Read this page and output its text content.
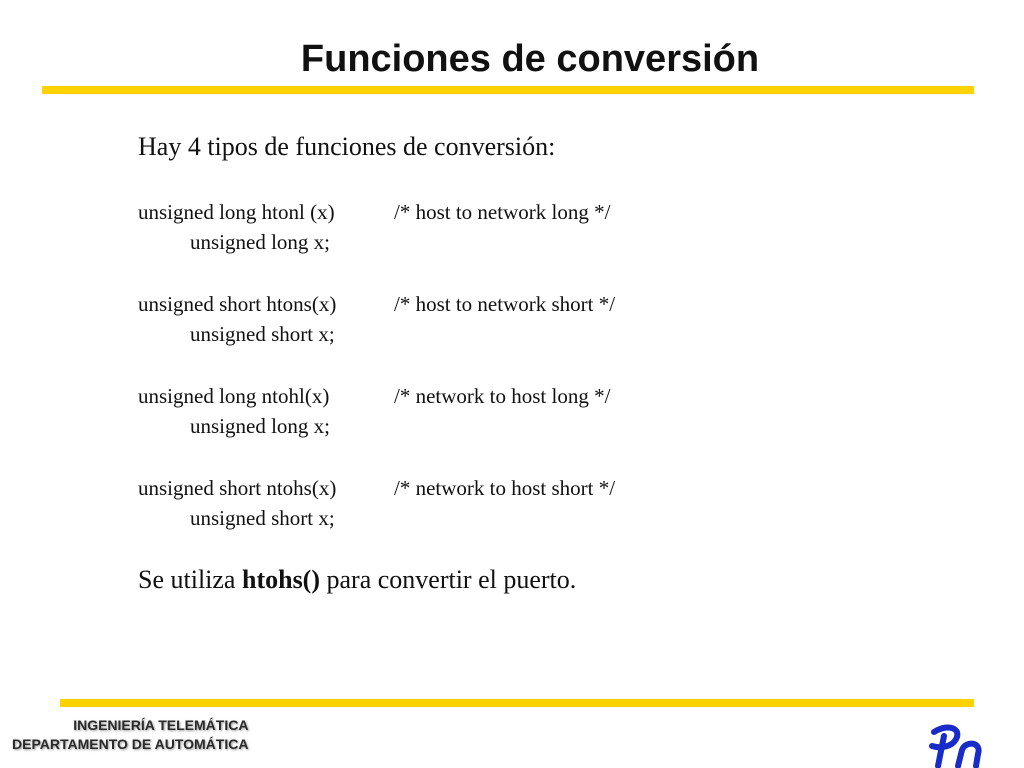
Funciones de conversión
Hay 4 tipos de funciones de conversión:
unsigned long htonl (x)	/* host to network long */
unsigned long x;
unsigned short htons(x)	/* host to network short */
unsigned short x;
unsigned long ntohl(x)	/* network to host long */
unsigned long x;
unsigned short ntohs(x)	/* network to host short */
unsigned short x;
Se utiliza htohs() para convertir el puerto.
INGENIERÍA TELEMÁTICA
DEPARTAMENTO DE AUTOMÁTICA
